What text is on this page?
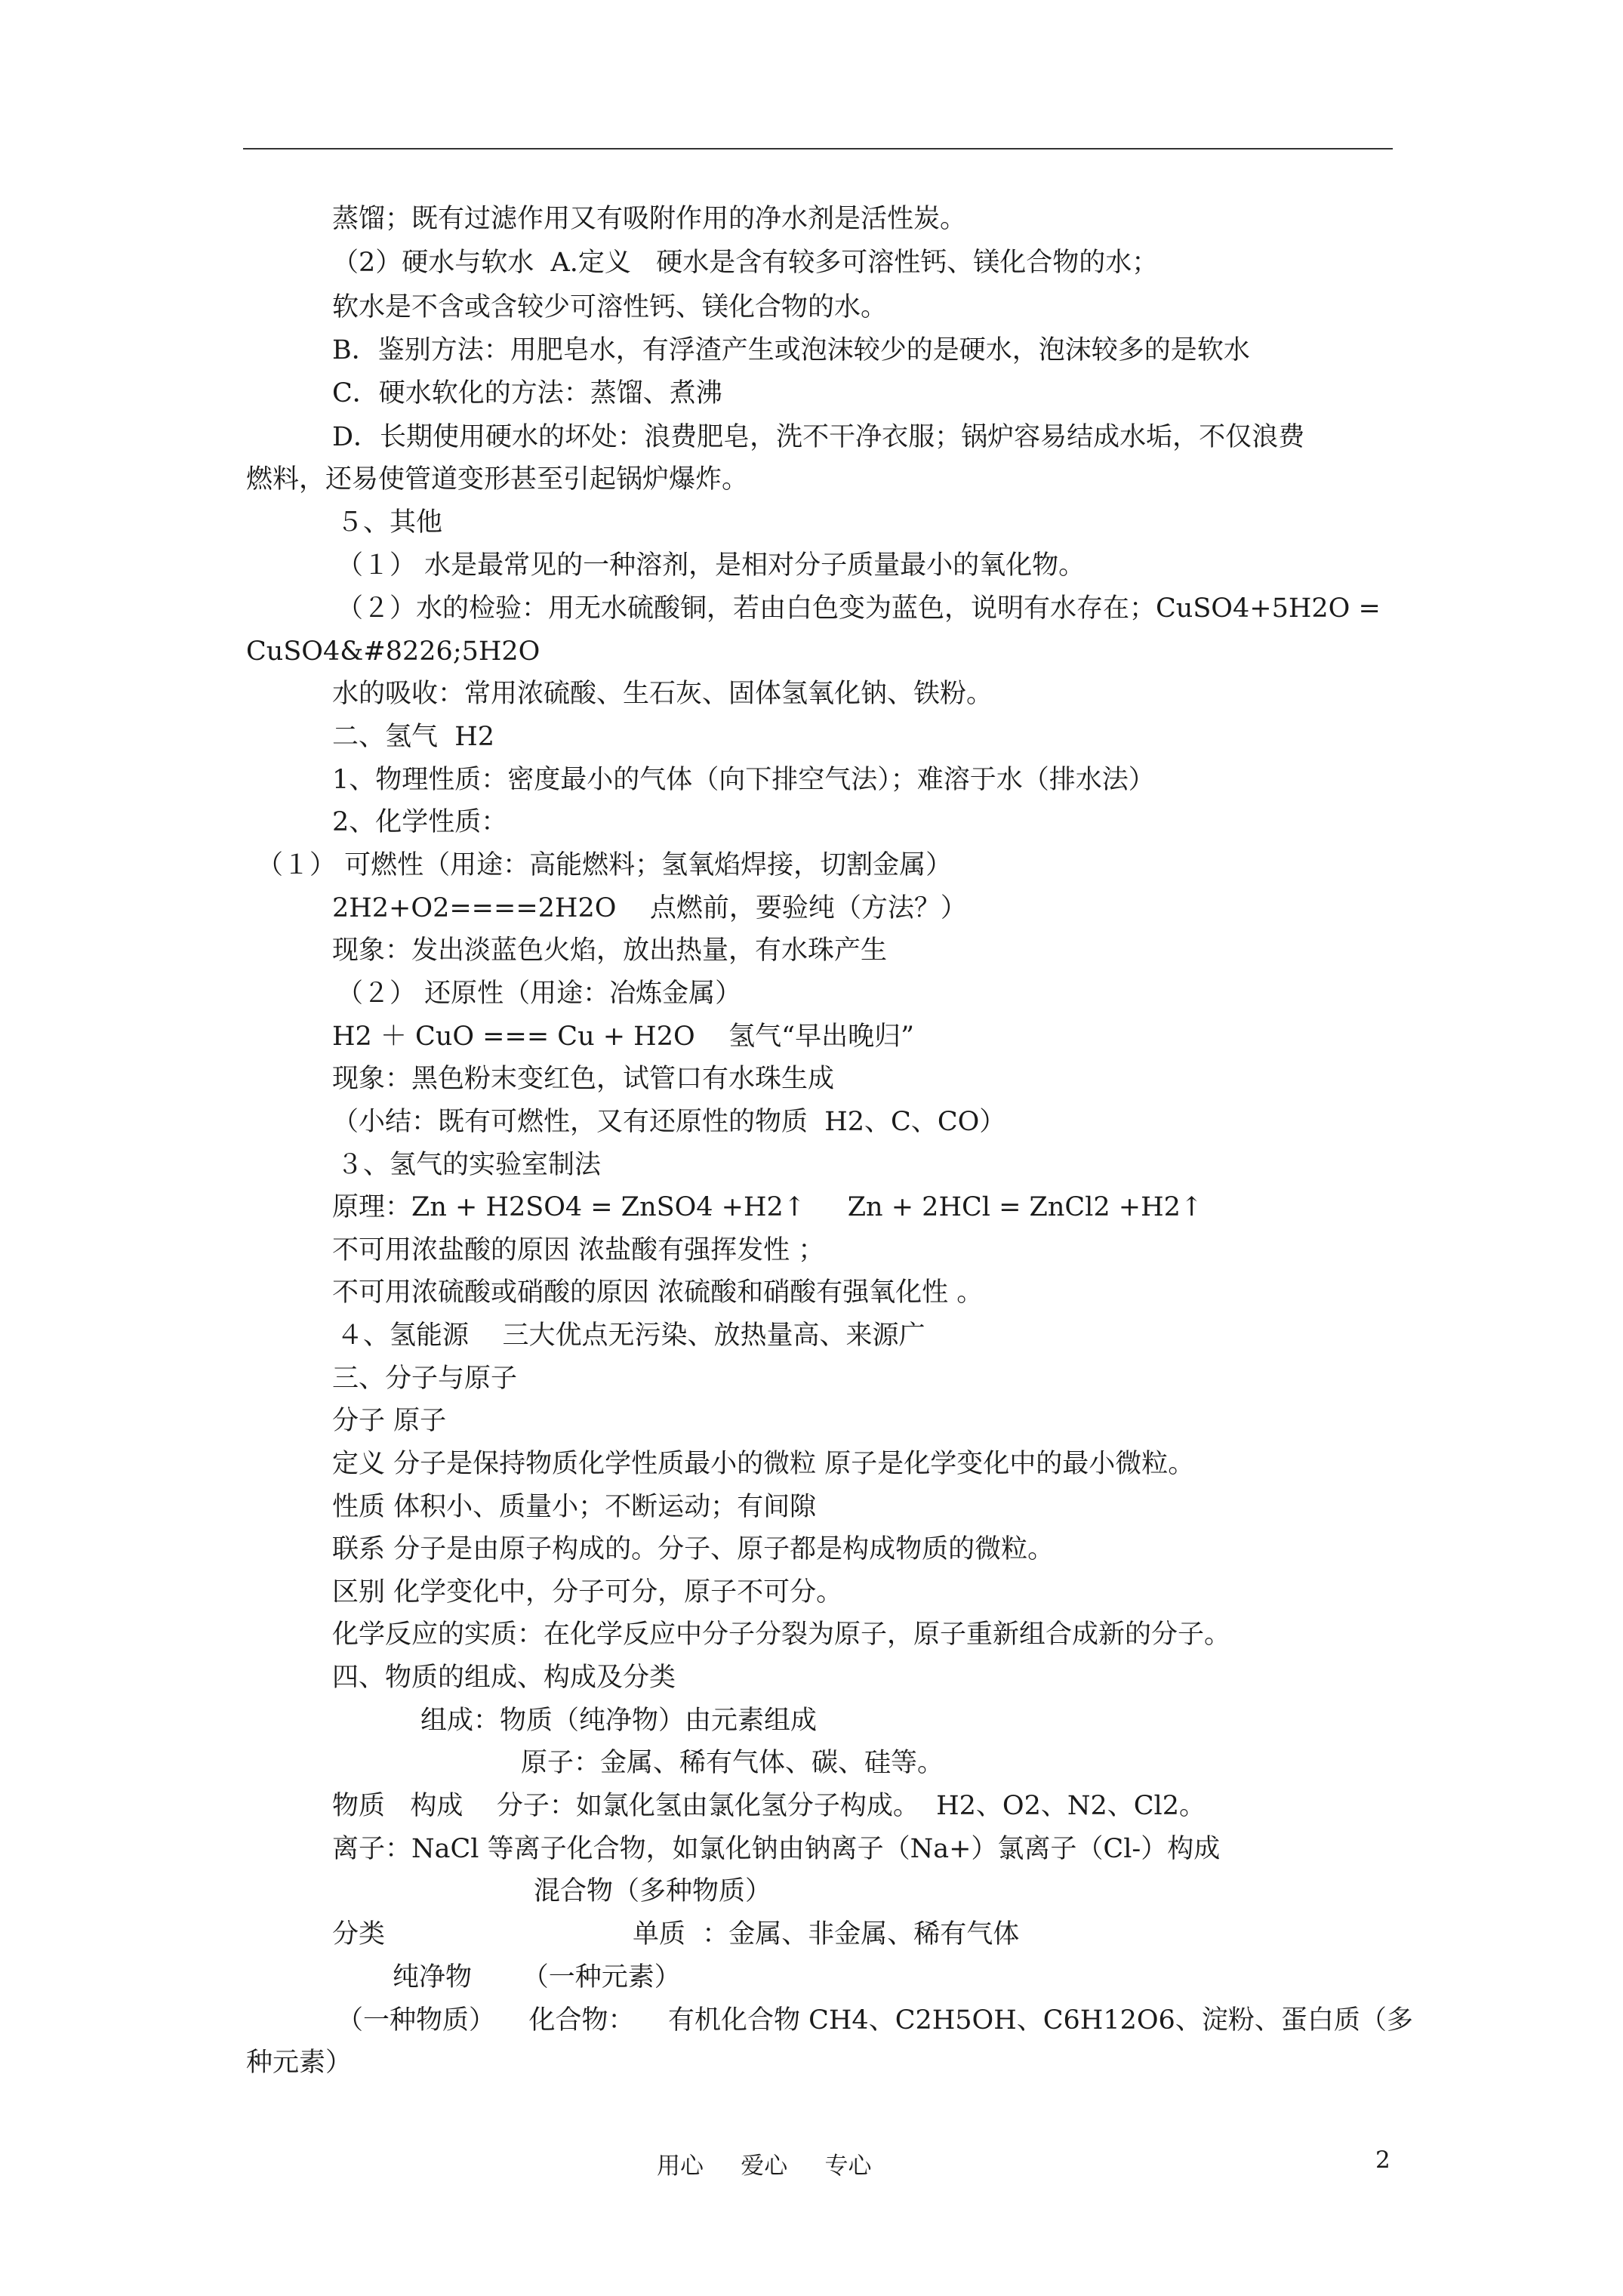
蒸馏；既有过滤作用又有吸附作用的净水剂是活性炭。
（2）硬水与软水  A.定义   硬水是含有较多可溶性钙、镁化合物的水；
软水是不含或含较少可溶性钙、镁化合物的水。
B．鉴别方法：用肥皂水，有浮渣产生或泡沫较少的是硬水，泡沫较多的是软水
C．硬水软化的方法：蒸馏、煮沸
D．长期使用硬水的坏处：浪费肥皂，洗不干净衣服；锅炉容易结成水垢，不仅浪费
燃料，还易使管道变形甚至引起锅炉爆炸。
５、其他
（１） 水是最常见的一种溶剂，是相对分子质量最小的氧化物。
（２）水的检验：用无水硫酸铜，若由白色变为蓝色，说明有水存在；CuSO4+5H2O =
CuSO4&#8226;5H2O
水的吸收：常用浓硫酸、生石灰、固体氢氧化钠、铁粉。
二、氢气  H2
1、物理性质：密度最小的气体（向下排空气法）；难溶于水（排水法）
2、化学性质：
（１） 可燃性（用途：高能燃料；氢氧焰焊接，切割金属）
2H2+O2====2H2O    点燃前，要验纯（方法？）
现象：发出淡蓝色火焰，放出热量，有水珠产生
（２） 还原性（用途：冶炼金属）
H2 ＋ CuO === Cu + H2O    氢气“早出晚归”
现象：黑色粉末变红色，试管口有水珠生成
（小结：既有可燃性，又有还原性的物质  H2、C、CO）
３、氢气的实验室制法
原理：Zn + H2SO4 = ZnSO4 +H2↑     Zn + 2HCl = ZnCl2 +H2↑
不可用浓盐酸的原因 浓盐酸有强挥发性 ；
不可用浓硫酸或硝酸的原因 浓硫酸和硝酸有强氧化性 。
４、氢能源    三大优点无污染、放热量高、来源广
三、分子与原子
分子 原子
定义 分子是保持物质化学性质最小的微粒 原子是化学变化中的最小微粒。
性质 体积小、质量小；不断运动；有间隙
联系 分子是由原子构成的。分子、原子都是构成物质的微粒。
区别 化学变化中，分子可分，原子不可分。
化学反应的实质：在化学反应中分子分裂为原子，原子重新组合成新的分子。
四、物质的组成、构成及分类
组成：物质（纯净物）由元素组成
原子：金属、稀有气体、碳、硅等。
物质   构成    分子：如氯化氢由氯化氢分子构成。  H2、O2、N2、Cl2。
离子：NaCl 等离子化合物，如氯化钠由钠离子（Na+）氯离子（Cl-）构成
混合物（多种物质）
分类	单质  ：金属、非金属、稀有气体
纯净物      （一种元素）
（一种物质）    化合物：    有机化合物 CH4、C2H5OH、C6H12O6、淀粉、蛋白质（多
种元素）
用心     爱心     专心	2
